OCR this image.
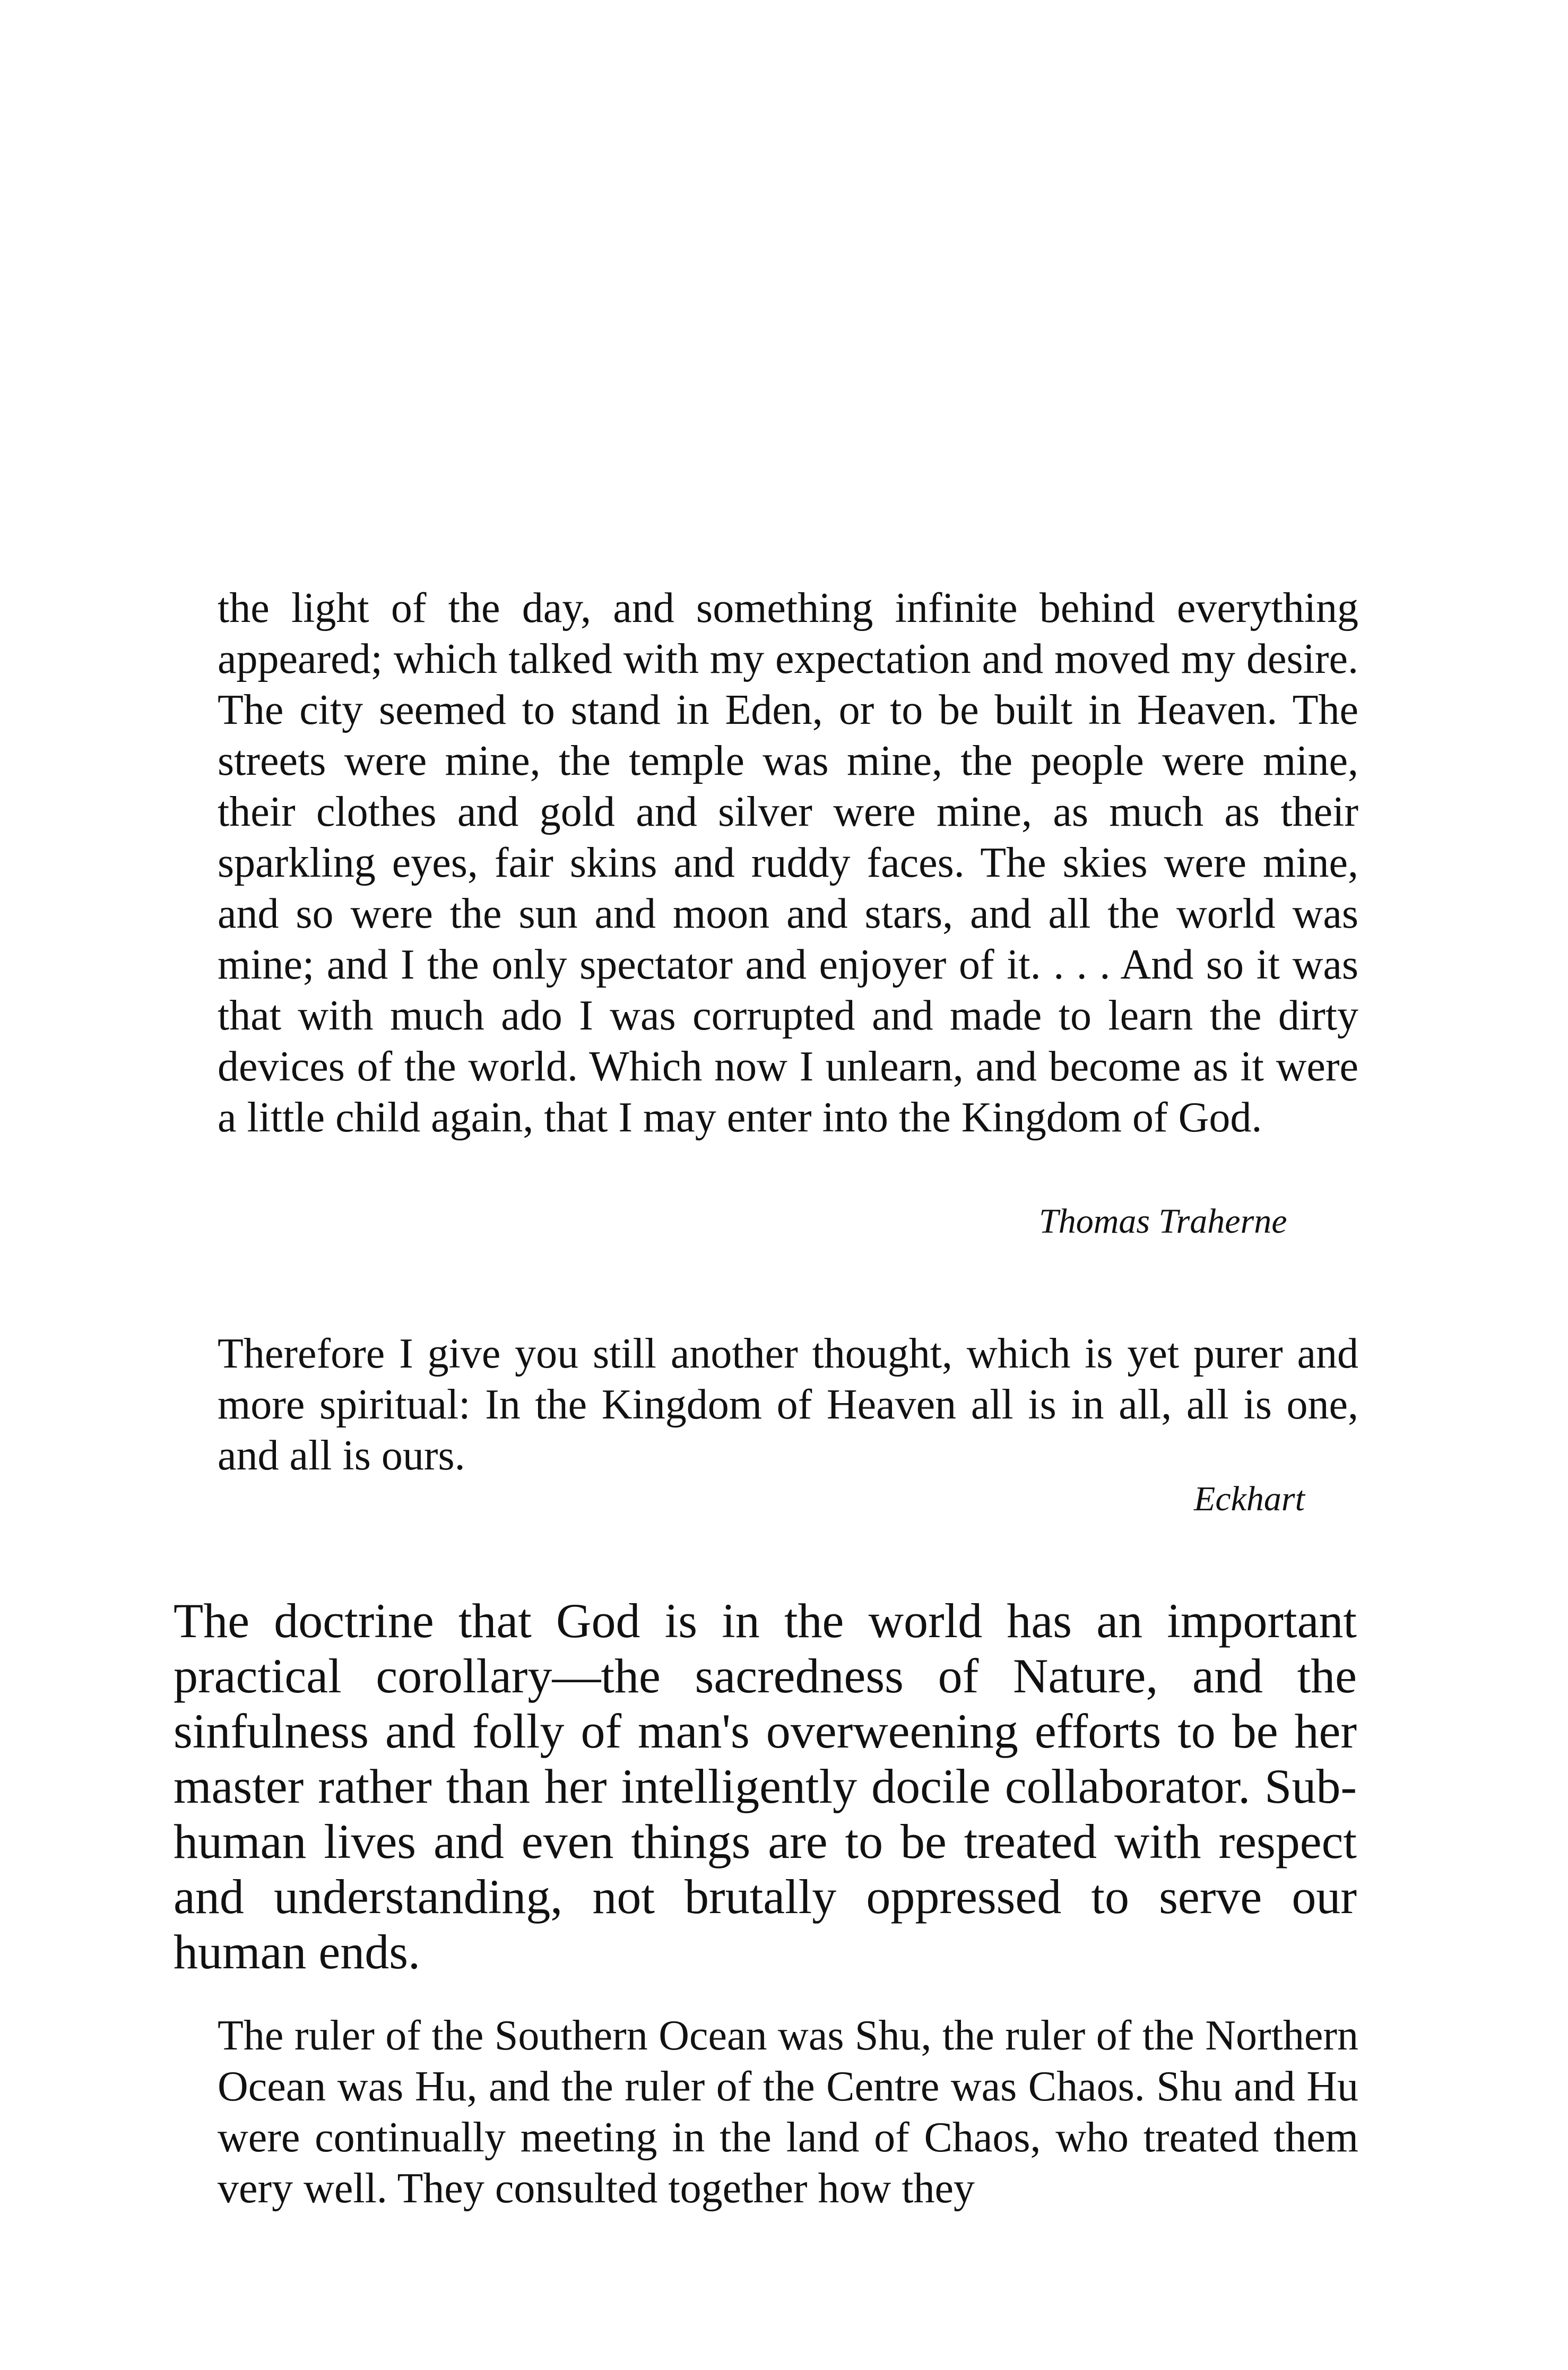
the light of the day, and something infinite behind everything appeared; which talked with my expectation and moved my desire. The city seemed to stand in Eden, or to be built in Heaven. The streets were mine, the temple was mine, the people were mine, their clothes and gold and silver were mine, as much as their sparkling eyes, fair skins and ruddy faces. The skies were mine, and so were the sun and moon and stars, and all the world was mine; and I the only spectator and enjoyer of it. . . . And so it was that with much ado I was corrupted and made to learn the dirty devices of the world. Which now I unlearn, and become as it were a little child again, that I may enter into the Kingdom of God.

Thomas Traherne

Therefore I give you still another thought, which is yet purer and more spiritual: In the Kingdom of Heaven all is in all, all is one, and all is ours.

Eckhart

The doctrine that God is in the world has an important practical corollary—the sacredness of Nature, and the sinfulness and folly of man's overweening efforts to be her master rather than her intelligently docile collaborator. Sub-human lives and even things are to be treated with respect and understanding, not brutally oppressed to serve our human ends.

The ruler of the Southern Ocean was Shu, the ruler of the Northern Ocean was Hu, and the ruler of the Centre was Chaos. Shu and Hu were continually meeting in the land of Chaos, who treated them very well. They consulted together how they
